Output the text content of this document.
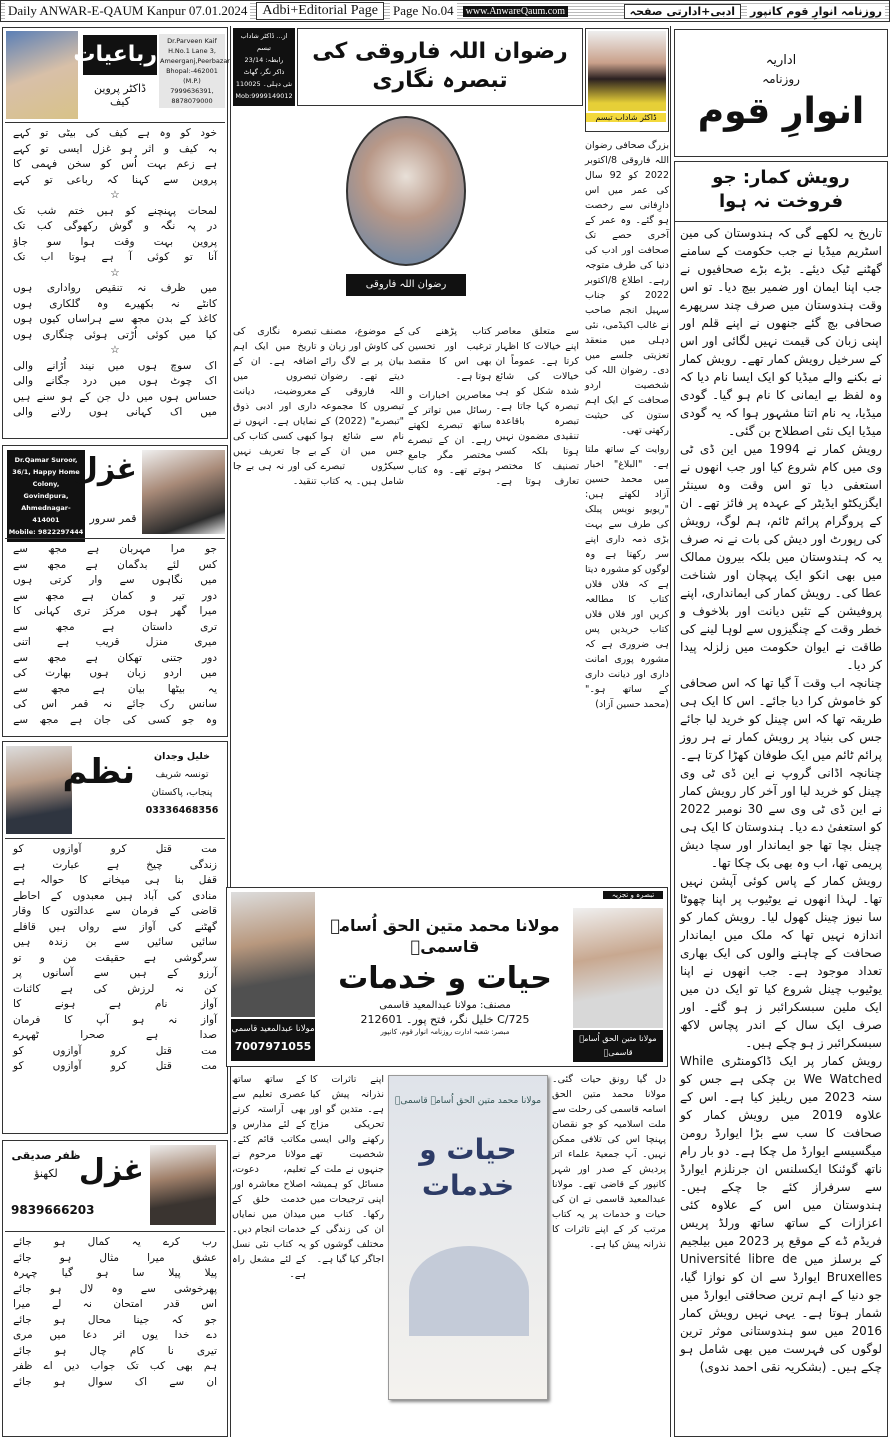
Daily ANWAR-E-QAUM Kanpur 07.01.2024	Adbi+Editorial Page	Page No.04	www.AnwareQaum.com	ادبی+ادارتی صفحہ	روزنامہ انوارِ قوم کانپور
رباعیات
ڈاکٹر پروین کیف
Dr.Parveen Kaif
H.No.1 Lane 3,
Ameerganj,Peerbazar
Bhopal:-462001 (M.P.)
7999636391,
8878079000
خود
کو
وہ
ہے
کیف
کی
بیٹی
تو
کہے
بہ
کیف
و
اثر
ہو
غزل
ایسی
تو
کہے
ہے
زعم
بہت
اُس
کو
سخن
فہمی
کا
پروین
سے
کہنا
کہ
رباعی
تو
کہے
☆
لمحات
پہنچنے
کو
ہیں
ختم
شب
تک
در
پہ
نگہ
و
گوش
رکھوگی
کب
تک
پروین
بہت
وقت
ہوا
سو
جاؤ
آنا
تو
کوئی
آ
ہے
ہوتا
اب
تک
☆
میں
ظرف
نہ
تنقیص
رواداری
ہوں
کانٹے
نہ
بکھیرے
وہ
گلکاری
ہوں
کاغذ
کے
بدن
مجھ
سے
ہراساں
کیوں
ہوں
کیا
میں
کوئی
اُڑتی
ہوئی
چنگاری
ہوں
☆
اک
سوچ
ہوں
میں
نیند
اُڑانے
والی
اک
چوٹ
ہوں
میں
درد
جگانے
والی
حساس
ہوں
میں
دل
جن
کے
ہو
سنے
ہیں
میں
اک
کہانی
ہوں
رلانے
والی
Dr.Qamar Suroor,
36/1, Happy Home
Colony,
Govindpura,
Ahmednagar- 414001
Mobile: 9822297444
غزل
قمر سرور
جو
مرا
مہربان
ہے
مجھ
سے
کس
لئے
بدگمان
ہے
مجھ
سے
میں
نگاہوں
سے
وار
کرتی
ہوں
دور
تیر
و
کمان
ہے
مجھ
سے
میرا
گھر
ہوں
مرکز
تری
کہانی
کا
تری
داستان
ہے
مجھ
سے
میری
منزل
قریب
ہے
اتنی
دور
جتنی
تھکان
ہے
مجھ
سے
میں
اردو
زبان
ہوں
بھارت
کی
یہ
بیٹھا
بیان
ہے
مجھ
سے
سانس
رک
جائے
نہ
قمر
اس
کی
وہ
جو
کسی
کی
جان
ہے
مجھ
سے
نظم	خلیل وجدان
تونسہ شریف
پنجاب، پاکستان
03336468356
مت
قتل
کرو
آوازوں
کو
زندگی
چیخ
ہے
عبارت
ہے
قفل
بنا
ہی
میخانے
کا
حوالہ
ہے
منادی
کی
آباد
ہیں
معبدوں
کے
احاطے
قاضی
کے
فرمان
سے
عدالتوں
کا
وقار
گھٹنے
کی
آواز
سے
رواں
ہیں
قافلے
سائیں
سائیں
سے
بن
زندہ
ہیں
سرگوشی
ہے
حقیقت
من
و
تو
آرزو
کے
ہیں
سے
آسانوں
پر
کن
نہ
لرزش
کی
ہے
کائنات
آواز
نام
ہے
ہونے
کا
آواز
نہ
ہو
آپ
کا
فرمان
صدا
ہے
صحرا
ٹھہرے
مت
قتل
کرو
آوازوں
کو
مت
قتل
کرو
آوازوں
کو
ظفر صدیقی
لکھنؤ
9839666203
غزل
رب
کرے
یہ
کمال
ہو
جائے
عشق
میرا
مثال
ہو
جائے
پیلا
پیلا
سا
ہو
گیا
چہرہ
پھرخوشی
سے
وہ
لال
ہو
جائے
اس
قدر
امتحان
نہ
لے
میرا
جو
کہ
جینا
محال
ہو
جائے
دے
خدا
یوں
اثر
دعا
میں
مری
تیری
نا
کام
چال
ہو
جائے
ہم
بھی
کب
تک
جواب
دیں
اے
ظفر
ان
سے
اک
سوال
ہو
جائے
از... ڈاکٹر شاداب تبسم
رابطہ: 23/14
ذاکر نگر، گھاٹ
نئی دہلی۔ 110025
Mob:9999149012
رضوان اللہ فاروقی کی تبصرہ نگاری
ڈاکٹر شاداب تبسم

بزرگ صحافی رضوان اللہ فاروقی 8/اکتوبر 2022 کو 92 سال کی عمر میں اس دارِفانی سے رخصت ہو گئے۔ وہ عمر کے آخری حصے تک صحافت اور ادب کی دنیا کی طرف متوجہ رہے۔ اطلاع 8/اکتوبر 2022 کو جناب سہیل انجم صاحب نے غالب اکیڈمی، نئی دہلی میں منعقد تعزیتی جلسے میں دی۔ رضوان اللہ کی شخصیت اردو صحافت کے ایک اہم ستون کی حیثیت رکھتی تھی۔

روایت کے ساتھ ملتا ہے۔ "البلاغ" اخبار میں محمد حسین آزاد لکھتے ہیں: "ریویو نویس پبلک کی طرف سے بہت بڑی ذمہ داری اپنے سر رکھتا ہے وہ لوگوں کو مشورہ دیتا ہے کہ فلاں فلاں کتاب کا مطالعہ کریں اور فلاں فلاں کتاب خریدیں پس ہی ضروری ہے کہ مشورہ پوری امانت داری اور دیانت داری کے ساتھ ہو۔" (محمد حسین آزاد)

رضوان اللہ فاروقی

سے متعلق معاصر اپنے خیالات کا اظہار کرتا ہے۔ عموماً ان خیالات کی شائع شدہ شکل کو ہی تبصرہ کہا جاتا ہے۔ تبصرہ باقاعدہ تنقیدی مضمون نہیں ہوتا بلکہ کسی تصنیف کا مختصر تعارف ہوتا ہے۔ کتاب پڑھنے کی ترغیب اور تحسین بھی اس کا مقصد ہوتا ہے۔

معاصرین اخبارات و رسائل میں تواتر کے ساتھ تبصرے لکھتے رہے۔ ان کے تبصرے مختصر مگر جامع ہوتے تھے۔ وہ کتاب کے موضوع، مصنف کی کاوش اور زبان و بیان پر بے لاگ رائے دیتے تھے۔ رضوان اللہ فاروقی کے تبصروں کا مجموعہ "تبصرے" (2022) کے نام سے شائع ہوا جس میں ان کے سیکڑوں تبصرے شامل ہیں۔ یہ کتاب تبصرہ نگاری کی تاریخ میں ایک اہم اضافہ ہے۔ ان کے تبصروں میں معروضیت، دیانت داری اور ادبی ذوق نمایاں ہے۔ انہوں نے کبھی کسی کتاب کی بے جا تعریف نہیں کی اور نہ ہی بے جا تنقید۔

مولانا عبدالمعید قاسمی
7007971055
مولانا محمد متین الحق اُسامہ قاسمیؒ
حیات و خدمات
مصنف: مولانا عبدالمعید قاسمی
C/725 خلیل نگر، فتح پور۔ 212601
مبصر: شعبہ ادارت روزنامہ انوار قوم، کانپور
تبصرہ و تجزیہ
مولانا متین الحق اُسامہ قاسمیؒ

دل گیا رونق حیات گئی۔ مولانا محمد متین الحق اسامہ قاسمی کی رحلت سے ملت اسلامیہ کو جو نقصان پہنچا اس کی تلافی ممکن نہیں۔ آپ جمعیۃ علماء اتر پردیش کے صدر اور شہر کانپور کے قاضی تھے۔ مولانا عبدالمعید قاسمی نے ان کی حیات و خدمات پر یہ کتاب مرتب کر کے اپنے تاثرات کا نذرانہ پیش کیا ہے۔

اپنے تاثرات کا نذرانہ پیش کیا ہے۔ متدین گو اور تحریکی مزاج رکھنے والی ایسی شخصیت تھے جنہوں نے ملت کے مسائل کو ہمیشہ اپنی ترجیحات میں رکھا۔ کتاب میں ان کی زندگی کے مختلف گوشوں کو اجاگر کیا گیا ہے۔

کے ساتھ ساتھ عصری تعلیم سے بھی آراستہ کرنے کے لئے مدارس و مکاتب قائم کئے۔ مولانا مرحوم نے تعلیم، دعوت، اصلاح معاشرہ اور خدمت خلق کے میدان میں نمایاں خدمات انجام دیں۔ یہ کتاب نئی نسل کے لئے مشعل راہ ہے۔

مولانا محمد متین الحق اُسامہ قاسمیؒ
حیات و خدمات
اداریہ
روزنامہ
انوارِ قوم
رویش کمار: جو فروخت نہ ہوا
تاریخ یہ لکھے گی کہ ہندوستان کی مین اسٹریم میڈیا نے جب حکومت کے سامنے گھٹنے ٹیک دیئے۔ بڑے بڑے صحافیوں نے جب اپنا ایمان اور ضمیر بیچ دیا۔ تو اس وقت ہندوستان میں صرف چند سرپھرے صحافی بچ گئے جنھوں نے اپنے قلم اور اپنی زبان کی قیمت نہیں لگائی اور اس کے سرخیل رویش کمار تھے۔ رویش کمار نے بکنے والے میڈیا کو ایک ایسا نام دیا کہ وہ لفظ بے ایمانی کا نام ہو گیا۔ گودی میڈیا، یہ نام اتنا مشہور ہوا کہ یہ گودی میڈیا ایک نئی اصطلاح بن گئی۔
رویش کمار نے 1994 میں این ڈی ٹی وی میں کام شروع کیا اور جب انھوں نے استعفی دیا تو اس وقت وہ سینئر ایگزیکٹو ایڈیٹر کے عہدہ پر فائز تھے۔ ان کے پروگرام پرائم ٹائم، ہم لوگ، رویش کی رپورٹ اور دیش کی بات نے نہ صرف یہ کہ ہندوستان میں بلکہ بیرون ممالک میں بھی انکو ایک پہچان اور شناخت عطا کی۔ رویش کمار کی ایمانداری، اپنے پروفیشن کے تئیں دیانت اور بلاخوف و خطر وقت کے چنگیزوں سے لوہا لینے کی طاقت نے ایوان حکومت میں زلزلہ پیدا کر دیا۔
چنانچہ اب وقت آ گیا تھا کہ اس صحافی کو خاموش کرا دیا جائے۔ اس کا ایک ہی طریقہ تھا کہ اس چینل کو خرید لیا جائے جس کی بنیاد پر رویش کمار نے ہر روز پرائم ٹائم میں ایک طوفان کھڑا کرتا ہے۔ چنانچہ اڈانی گروپ نے این ڈی ٹی وی چینل کو خرید لیا اور آخر کار رویش کمار نے این ڈی ٹی وی سے 30 نومبر 2022 کو استعفیٰ دے دیا۔ ہندوستان کا ایک ہی چینل بچا تھا جو ایماندار اور سچا دیش پریمی تھا، اب وہ بھی بک چکا تھا۔
رویش کمار کے پاس کوئی آپشن نہیں تھا۔ لہذا انھوں نے یوٹیوب پر اپنا چھوٹا سا نیوز چینل کھول لیا۔ رویش کمار کو اندازہ نہیں تھا کہ ملک میں ایماندار صحافت کے چاہنے والوں کی ایک بھاری تعداد موجود ہے۔ جب انھوں نے اپنا یوٹیوب چینل شروع کیا تو ایک دن میں ایک ملین سبسکرائبر ز ہو گئے۔ اور صرف ایک سال کے اندر پچاس لاکھ سبسکرائبر ز ہو چکے ہیں۔
رویش کمار پر ایک ڈاکومنٹری While We Watched بن چکی ہے جس کو سنہ 2023 میں ریلیز کیا ہے۔ اس کے علاوہ 2019 میں رویش کمار کو صحافت کا سب سے بڑا ایوارڈ رومن میگسیسے ایوارڈ مل چکا ہے۔ دو بار رام ناتھ گوئنکا ایکسلنس ان جرنلزم ایوارڈ سے سرفراز کئے جا چکے ہیں۔ ہندوستان میں اس کے علاوہ کئی اعزازات کے ساتھ ساتھ ورلڈ پریس فریڈم ڈے کے موقع پر 2023 میں بیلجیم کے برسلز میں Université libre de Bruxelles ایوارڈ سے ان کو نوازا گیا، جو دنیا کے اہم ترین صحافتی ایوارڈ میں شمار ہوتا ہے۔ یہی نہیں رویش کمار 2016 میں سو ہندوستانی موثر ترین لوگوں کی فہرست میں بھی شامل ہو چکے ہیں۔ (بشکریہ نقی احمد ندوی)
